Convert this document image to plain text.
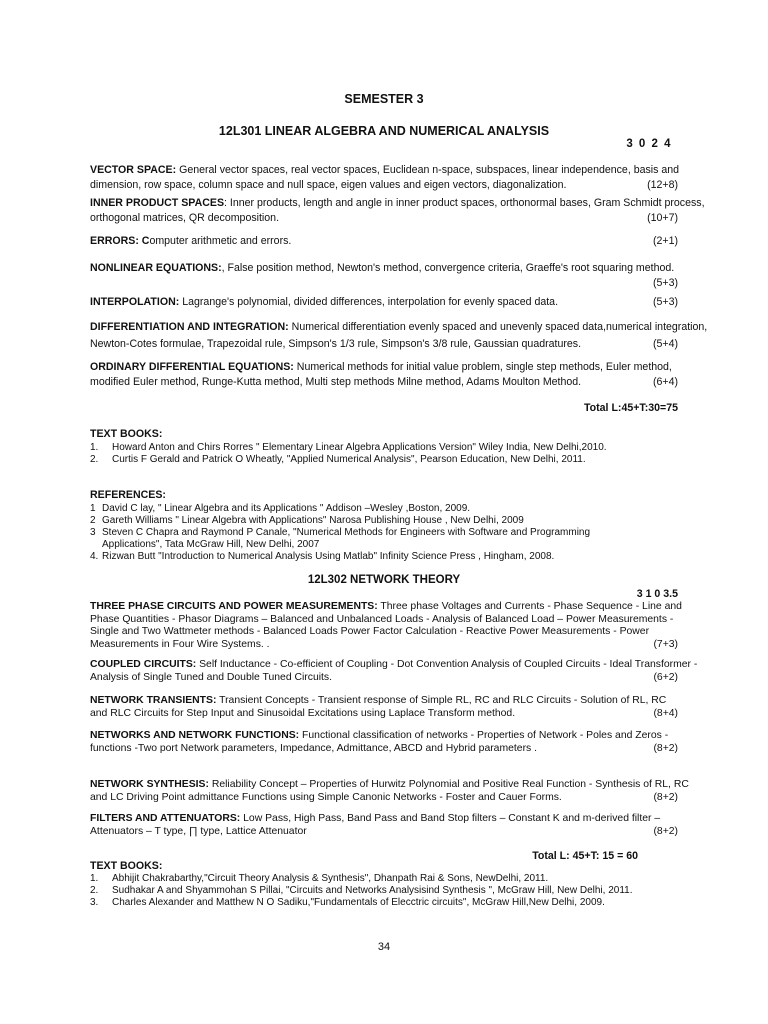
SEMESTER 3
12L301 LINEAR ALGEBRA AND NUMERICAL ANALYSIS
3 0 2 4
VECTOR SPACE: General vector spaces, real vector spaces, Euclidean n-space, subspaces, linear independence, basis and
dimension, row space, column space and null space, eigen values and eigen vectors, diagonalization.	(12+8)
INNER PRODUCT SPACES: Inner products, length and angle in inner product spaces, orthonormal bases, Gram Schmidt process,
orthogonal matrices, QR decomposition.	(10+7)
ERRORS: Computer arithmetic and errors.	(2+1)
NONLINEAR EQUATIONS:, False position method, Newton's method, convergence criteria, Graeffe's root squaring method.
(5+3)
INTERPOLATION: Lagrange's polynomial, divided differences, interpolation for evenly spaced data.	(5+3)
DIFFERENTIATION AND INTEGRATION: Numerical differentiation evenly spaced and unevenly spaced data,numerical integration,
Newton-Cotes formulae, Trapezoidal rule, Simpson's 1/3 rule, Simpson's 3/8 rule, Gaussian quadratures.	(5+4)
ORDINARY DIFFERENTIAL EQUATIONS: Numerical methods for initial value problem, single step methods, Euler method,
modified Euler method, Runge-Kutta method, Multi step methods Milne method, Adams Moulton Method.	(6+4)
Total L:45+T:30=75
TEXT BOOKS:
1. Howard Anton and Chirs Rorres " Elementary Linear Algebra Applications Version" Wiley India, New Delhi,2010.
2. Curtis F Gerald and Patrick O Wheatly, "Applied Numerical Analysis", Pearson Education, New Delhi, 2011.
REFERENCES:
1 David C lay, " Linear Algebra and its Applications " Addison –Wesley ,Boston, 2009.
2 Gareth Williams " Linear Algebra with Applications" Narosa Publishing House , New Delhi, 2009
3 Steven C Chapra and Raymond P Canale, "Numerical Methods for Engineers with Software and Programming
Applications", Tata McGraw Hill, New Delhi, 2007
4. Rizwan Butt "Introduction to Numerical Analysis Using Matlab" Infinity Science Press , Hingham, 2008.
12L302 NETWORK THEORY
3 1 0 3.5
THREE PHASE CIRCUITS AND POWER MEASUREMENTS: Three phase Voltages and Currents - Phase Sequence - Line and
Phase Quantities - Phasor Diagrams – Balanced and Unbalanced Loads - Analysis of Balanced Load – Power Measurements -
Single and Two Wattmeter methods - Balanced Loads Power Factor Calculation - Reactive Power Measurements - Power
Measurements in Four Wire Systems. .	(7+3)
COUPLED CIRCUITS: Self Inductance - Co-efficient of Coupling - Dot Convention Analysis of Coupled Circuits - Ideal Transformer -
Analysis of Single Tuned and Double Tuned Circuits.	(6+2)
NETWORK TRANSIENTS: Transient Concepts - Transient response of Simple RL, RC and RLC Circuits - Solution of RL, RC
and RLC Circuits for Step Input and Sinusoidal Excitations using Laplace Transform method.	(8+4)
NETWORKS AND NETWORK FUNCTIONS: Functional classification of networks - Properties of Network - Poles and Zeros -
functions -Two port Network parameters, Impedance, Admittance, ABCD and Hybrid parameters .	(8+2)
NETWORK SYNTHESIS: Reliability Concept – Properties of Hurwitz Polynomial and Positive Real Function - Synthesis of RL, RC
and LC Driving Point admittance Functions using Simple Canonic Networks - Foster and Cauer Forms.	(8+2)
FILTERS AND ATTENUATORS: Low Pass, High Pass, Band Pass and Band Stop filters – Constant K and m-derived filter –
Attenuators – T type, ∏ type, Lattice Attenuator	(8+2)
Total L: 45+T: 15 = 60
TEXT BOOKS:
1. Abhijit Chakrabarthy,"Circuit Theory Analysis & Synthesis", Dhanpath Rai & Sons, NewDelhi, 2011.
2. Sudhakar A and Shyammohan S Pillai, "Circuits and Networks Analysisind Synthesis ", McGraw Hill, New Delhi, 2011.
3. Charles Alexander and Matthew N O Sadiku,"Fundamentals of Elecctric circuits", McGraw Hill,New Delhi, 2009.
34
